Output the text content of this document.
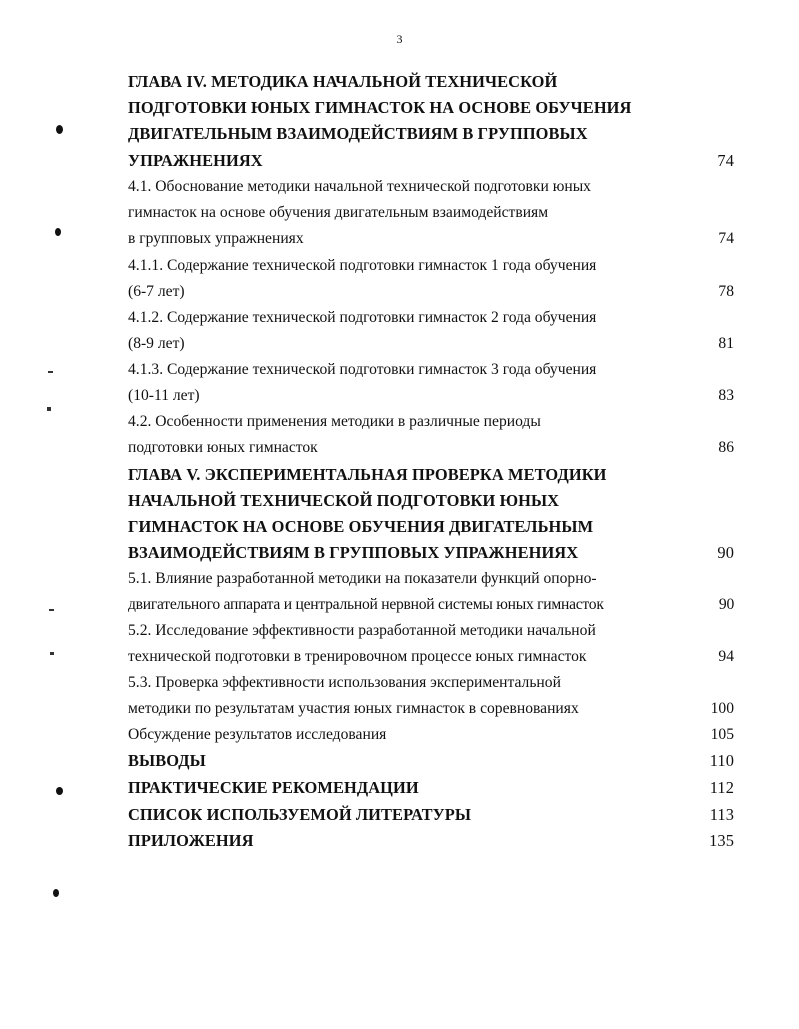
3
ГЛАВА IV. МЕТОДИКА НАЧАЛЬНОЙ ТЕХНИЧЕСКОЙ
ПОДГОТОВКИ ЮНЫХ ГИМНАСТОК НА ОСНОВЕ ОБУЧЕНИЯ
ДВИГАТЕЛЬНЫМ ВЗАИМОДЕЙСТВИЯМ В ГРУППОВЫХ
УПРАЖНЕНИЯХ	74
4.1. Обоснование методики начальной технической подготовки юных
гимнасток на основе обучения двигательным взаимодействиям
в групповых упражнениях	74
4.1.1. Содержание технической подготовки гимнасток 1 года обучения
(6-7 лет)	78
4.1.2. Содержание технической подготовки гимнасток 2 года обучения
(8-9 лет)	81
4.1.3. Содержание технической подготовки гимнасток 3 года обучения
(10-11 лет)	83
4.2. Особенности применения методики в различные периоды
подготовки юных гимнасток	86
ГЛАВА V. ЭКСПЕРИМЕНТАЛЬНАЯ ПРОВЕРКА МЕТОДИКИ
НАЧАЛЬНОЙ ТЕХНИЧЕСКОЙ ПОДГОТОВКИ ЮНЫХ
ГИМНАСТОК НА ОСНОВЕ ОБУЧЕНИЯ ДВИГАТЕЛЬНЫМ
ВЗАИМОДЕЙСТВИЯМ В ГРУППОВЫХ УПРАЖНЕНИЯХ	90
5.1. Влияние разработанной методики на показатели функций опорно-
двигательного аппарата и центральной нервной системы юных гимнасток	90
5.2. Исследование эффективности разработанной методики начальной
технической подготовки в тренировочном процессе юных гимнасток	94
5.3. Проверка эффективности использования экспериментальной
методики по результатам участия юных гимнасток в соревнованиях	100
Обсуждение результатов исследования	105
ВЫВОДЫ	110
ПРАКТИЧЕСКИЕ РЕКОМЕНДАЦИИ	112
СПИСОК ИСПОЛЬЗУЕМОЙ ЛИТЕРАТУРЫ	113
ПРИЛОЖЕНИЯ	135
